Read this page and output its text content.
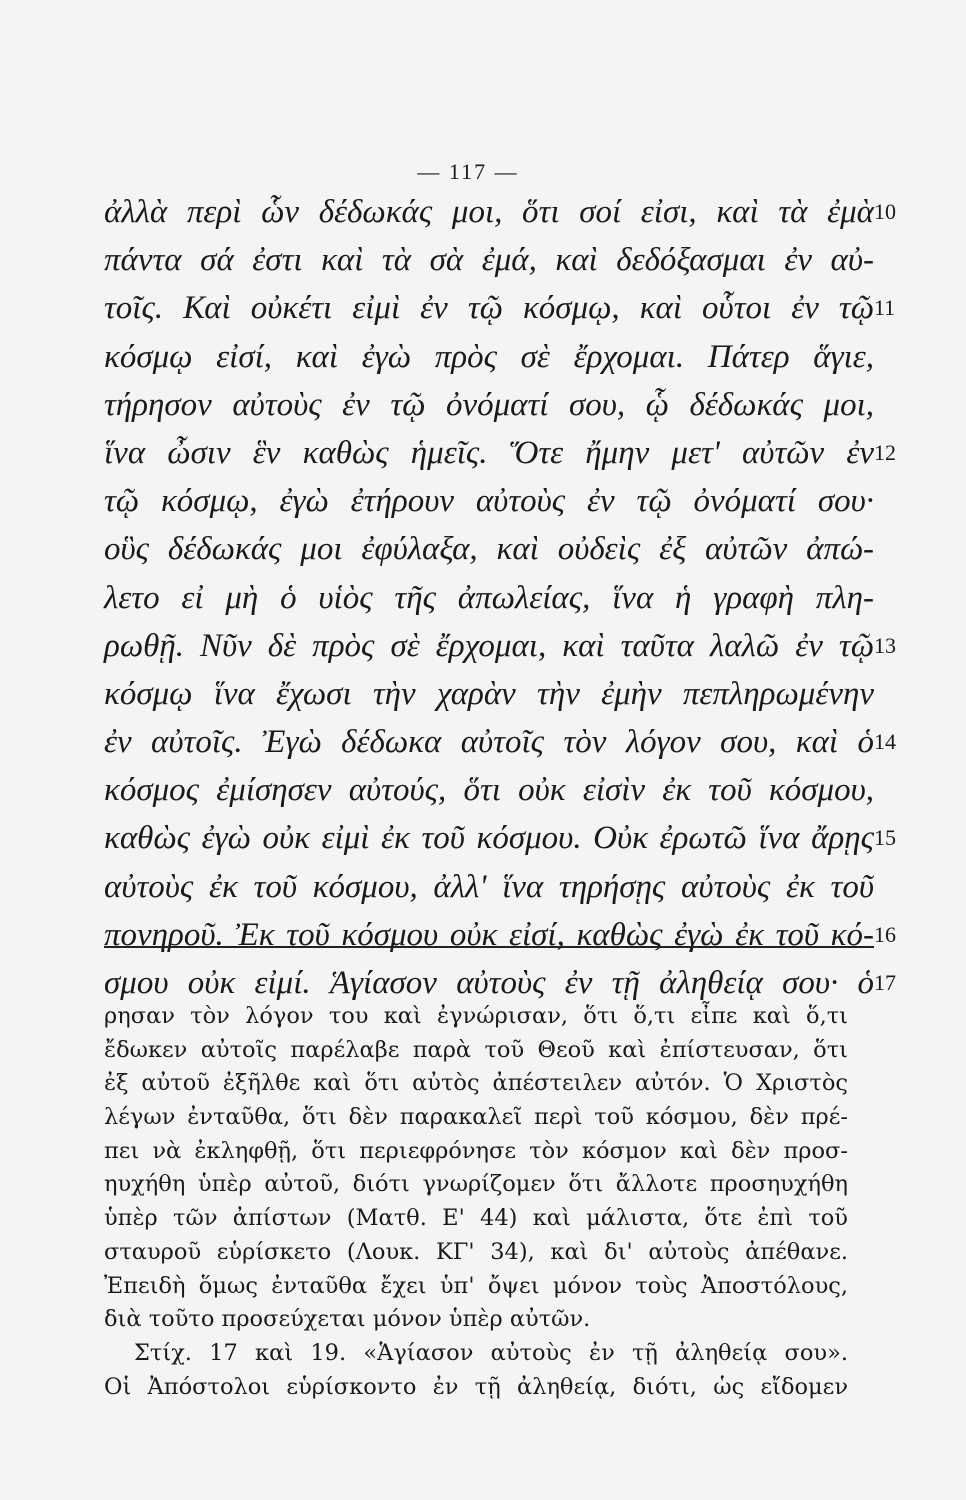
— 117 —
ἀλλὰ περὶ ὧν δέδωκάς μοι, ὅτι σοί εἰσι, καὶ τὰ ἐμὰ 10
πάντα σά ἐστι καὶ τὰ σὰ ἐμά, καὶ δεδόξασμαι ἐν αὐ-
τοῖς. Καὶ οὐκέτι εἰμὶ ἐν τῷ κόσμῳ, καὶ οὗτοι ἐν τῷ 11
κόσμῳ εἰσί, καὶ ἐγὼ πρὸς σὲ ἔρχομαι. Πάτερ ἅγιε,
τήρησον αὐτοὺς ἐν τῷ ὀνόματί σου, ᾧ δέδωκάς μοι,
ἵνα ὦσιν ἓν καθὼς ἡμεῖς. Ὅτε ἤμην μετ' αὐτῶν ἐν 12
τῷ κόσμῳ, ἐγὼ ἐτήρουν αὐτοὺς ἐν τῷ ὀνόματί σου·
οὓς δέδωκάς μοι ἐφύλαξα, καὶ οὐδεὶς ἐξ αὐτῶν ἀπώ-
λετο εἰ μὴ ὁ υἱὸς τῆς ἀπωλείας, ἵνα ἡ γραφὴ πλη-
ρωθῇ. Νῦν δὲ πρὸς σὲ ἔρχομαι, καὶ ταῦτα λαλῶ ἐν τῷ 13
κόσμῳ ἵνα ἔχωσι τὴν χαρὰν τὴν ἐμὴν πεπληρωμένην
ἐν αὐτοῖς. Ἐγὼ δέδωκα αὐτοῖς τὸν λόγον σου, καὶ ὁ 14
κόσμος ἐμίσησεν αὐτούς, ὅτι οὐκ εἰσὶν ἐκ τοῦ κόσμου,
καθὼς ἐγὼ οὐκ εἰμὶ ἐκ τοῦ κόσμου. Οὐκ ἐρωτῶ ἵνα ἄρῃς 15
αὐτοὺς ἐκ τοῦ κόσμου, ἀλλ' ἵνα τηρήσῃς αὐτοὺς ἐκ τοῦ
πονηροῦ. Ἐκ τοῦ κόσμου οὐκ εἰσί, καθὼς ἐγὼ ἐκ τοῦ κό- 16
σμου οὐκ εἰμί. Ἁγίασον αὐτοὺς ἐν τῇ ἀληθείᾳ σου· ὁ 17
ρησαν τὸν λόγον του καὶ ἐγνώρισαν, ὅτι ὅ,τι εἶπε καὶ ὅ,τι
ἔδωκεν αὐτοῖς παρέλαβε παρὰ τοῦ Θεοῦ καὶ ἐπίστευσαν, ὅτι
ἐξ αὐτοῦ ἐξῆλθε καὶ ὅτι αὐτὸς ἀπέστειλεν αὐτόν. Ὁ Χριστὸς
λέγων ἐνταῦθα, ὅτι δὲν παρακαλεῖ περὶ τοῦ κόσμου, δὲν πρέ-
πει νὰ ἐκληφθῇ, ὅτι περιεφρόνησε τὸν κόσμον καὶ δὲν προσ-
ηυχήθη ὑπὲρ αὐτοῦ, διότι γνωρίζομεν ὅτι ἄλλοτε προσηυχήθη
ὑπὲρ τῶν ἀπίστων (Ματθ. Ε' 44) καὶ μάλιστα, ὅτε ἐπὶ τοῦ
σταυροῦ εὑρίσκετο (Λουκ. ΚΓ' 34), καὶ δι' αὐτοὺς ἀπέθανε.
Ἐπειδὴ ὅμως ἐνταῦθα ἔχει ὑπ' ὄψει μόνον τοὺς Ἀποστόλους,
διὰ τοῦτο προσεύχεται μόνον ὑπὲρ αὐτῶν.
Στίχ. 17 καὶ 19. «Ἁγίασον αὐτοὺς ἐν τῇ ἀληθείᾳ σου».
Οἱ Ἀπόστολοι εὑρίσκοντο ἐν τῇ ἀληθείᾳ, διότι, ὡς εἴδομεν
